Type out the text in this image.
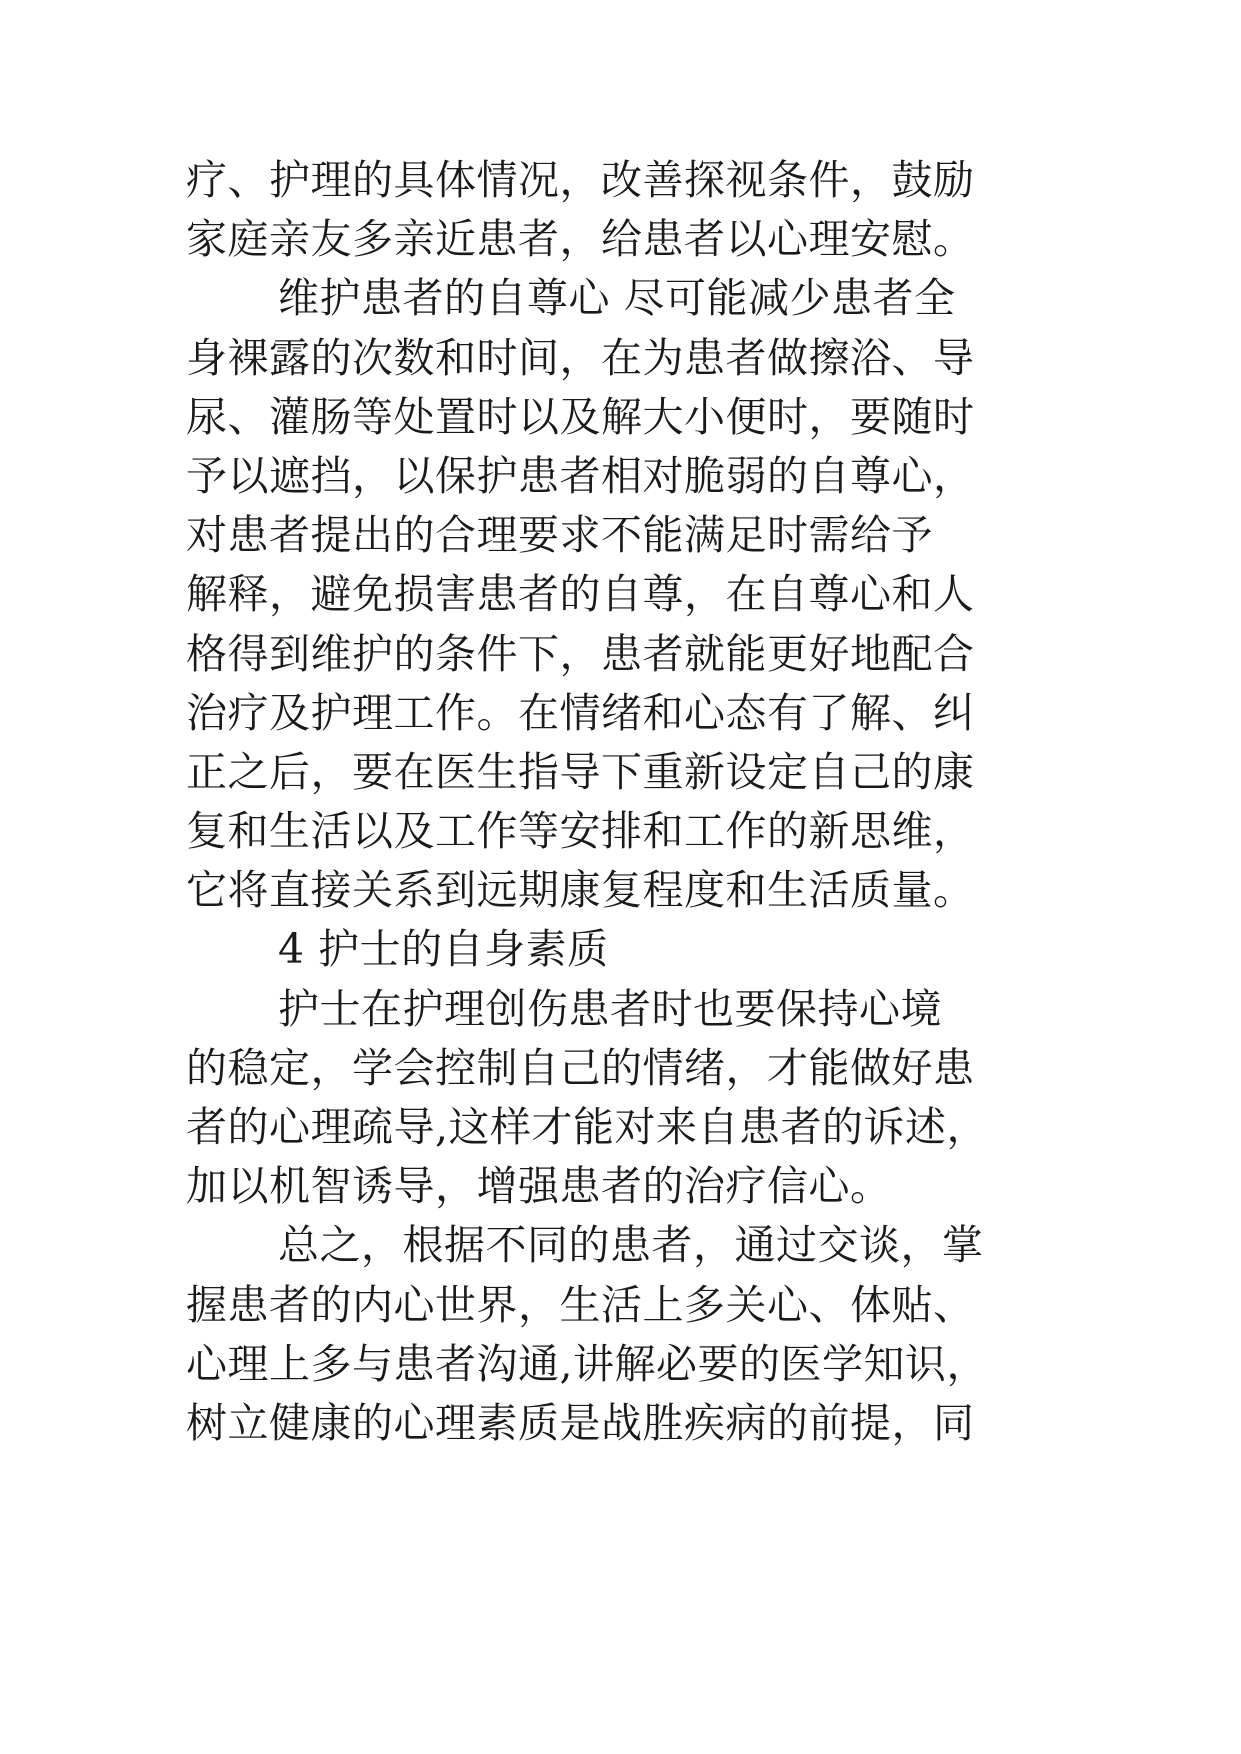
疗、护理的具体情况，改善探视条件，鼓励
家庭亲友多亲近患者，给患者以心理安慰。
维护患者的自尊心 尽可能减少患者全
身裸露的次数和时间，在为患者做擦浴、导
尿、灌肠等处置时以及解大小便时，要随时
予以遮挡，以保护患者相对脆弱的自尊心，
对患者提出的合理要求不能满足时需给予
解释，避免损害患者的自尊，在自尊心和人
格得到维护的条件下，患者就能更好地配合
治疗及护理工作。在情绪和心态有了解、纠
正之后，要在医生指导下重新设定自己的康
复和生活以及工作等安排和工作的新思维，
它将直接关系到远期康复程度和生活质量。
4 护士的自身素质
护士在护理创伤患者时也要保持心境
的稳定，学会控制自己的情绪，才能做好患
者的心理疏导,这样才能对来自患者的诉述，
加以机智诱导，增强患者的治疗信心。
总之，根据不同的患者，通过交谈，掌
握患者的内心世界，生活上多关心、体贴、
心理上多与患者沟通,讲解必要的医学知识，
树立健康的心理素质是战胜疾病的前提，同
